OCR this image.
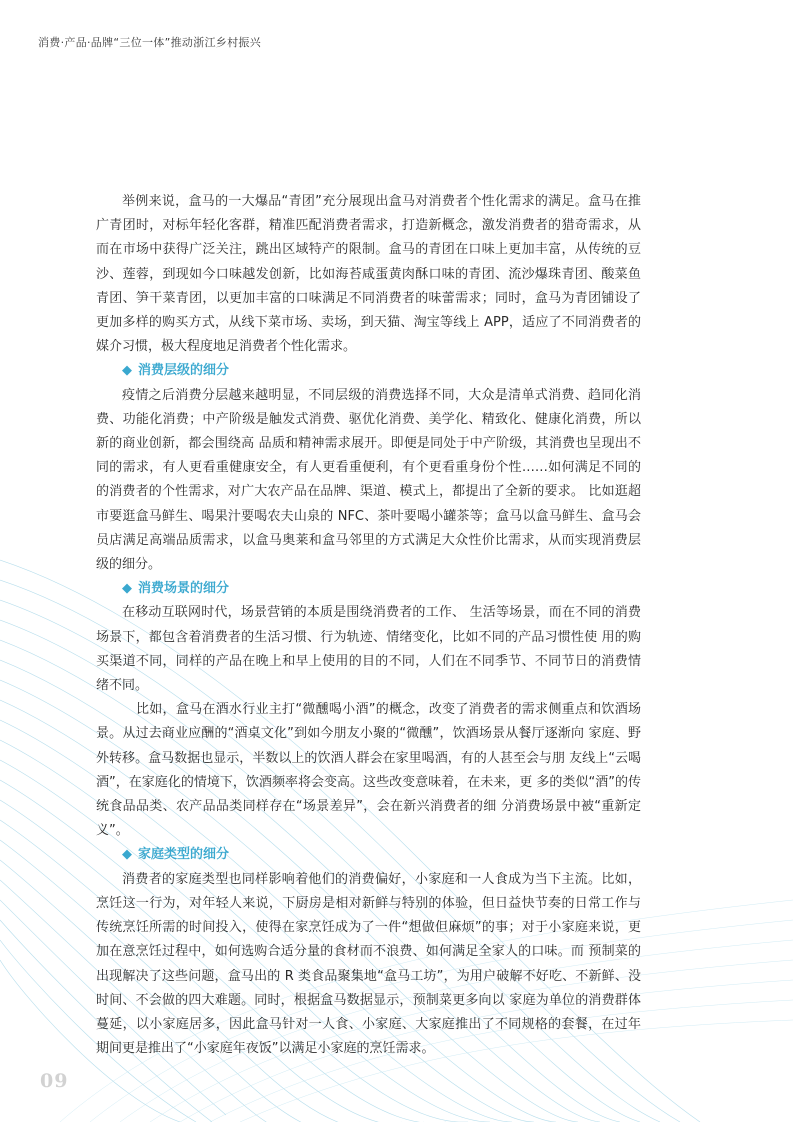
消费·产品·品牌“三位一体”推动浙江乡村振兴

举例来说，盒马的一大爆品“青团”充分展现出盒马对消费者个性化需求的满足。盒马在推广青团时，对标年轻化客群，精准匹配消费者需求，打造新概念，激发消费者的猎奇需求，从而在市场中获得广泛关注，跳出区域特产的限制。盒马的青团在口味上更加丰富，从传统的豆沙、莲蓉，到现如今口味越发创新，比如海苔咸蛋黄肉酥口味的青团、流沙爆珠青团、酸菜鱼青团、笋干菜青团，以更加丰富的口味满足不同消费者的味蕾需求；同时，盒马为青团铺设了更加多样的购买方式，从线下菜市场、卖场，到天猫、淘宝等线上 APP，适应了不同消费者的媒介习惯，极大程度地足消费者个性化需求。

◆ 消费层级的细分

疫情之后消费分层越来越明显，不同层级的消费选择不同，大众是清单式消费、趋同化消费、功能化消费；中产阶级是触发式消费、驱优化消费、美学化、精致化、健康化消费，所以新的商业创新，都会围绕高 品质和精神需求展开。即便是同处于中产阶级，其消费也呈现出不同的需求，有人更看重健康安全，有人更看重便利，有个更看重身份个性……如何满足不同的的消费者的个性需求，对广大农产品在品牌、渠道、模式上，都提出了全新的要求。 比如逛超市要逛盒马鲜生、喝果汁要喝农夫山泉的 NFC、茶叶要喝小罐茶等；盒马以盒马鲜生、盒马会员店满足高端品质需求，以盒马奥莱和盒马邻里的方式满足大众性价比需求，从而实现消费层级的细分。

◆ 消费场景的细分

在移动互联网时代，场景营销的本质是围绕消费者的工作、 生活等场景，而在不同的消费场景下，都包含着消费者的生活习惯、行为轨迹、情绪变化，比如不同的产品习惯性使 用的购买渠道不同，同样的产品在晚上和早上使用的目的不同，人们在不同季节、不同节日的消费情绪不同。

比如，盒马在酒水行业主打“微醺喝小酒”的概念，改变了消费者的需求侧重点和饮酒场景。从过去商业应酬的“酒桌文化”到如今朋友小聚的“微醺”，饮酒场景从餐厅逐渐向 家庭、野外转移。盒马数据也显示，半数以上的饮酒人群会在家里喝酒，有的人甚至会与朋 友线上“云喝酒”，在家庭化的情境下，饮酒频率将会变高。这些改变意味着，在未来，更 多的类似“酒”的传统食品品类、农产品品类同样存在“场景差异”，会在新兴消费者的细 分消费场景中被“重新定义”。

◆ 家庭类型的细分

消费者的家庭类型也同样影响着他们的消费偏好，小家庭和一人食成为当下主流。比如，烹饪这一行为，对年轻人来说，下厨房是相对新鲜与特别的体验，但日益快节奏的日常工作与传统烹饪所需的时间投入，使得在家烹饪成为了一件“想做但麻烦”的事；对于小家庭来说，更加在意烹饪过程中，如何选购合适分量的食材而不浪费、如何满足全家人的口味。而 预制菜的出现解决了这些问题，盒马出的 R 类食品聚集地“盒马工坊”，为用户破解不好吃、不新鲜、没时间、不会做的四大难题。同时，根据盒马数据显示，预制菜更多向以 家庭为单位的消费群体蔓延，以小家庭居多，因此盒马针对一人食、小家庭、大家庭推出了不同规格的套餐，在过年期间更是推出了“小家庭年夜饭”以满足小家庭的烹饪需求。

09
